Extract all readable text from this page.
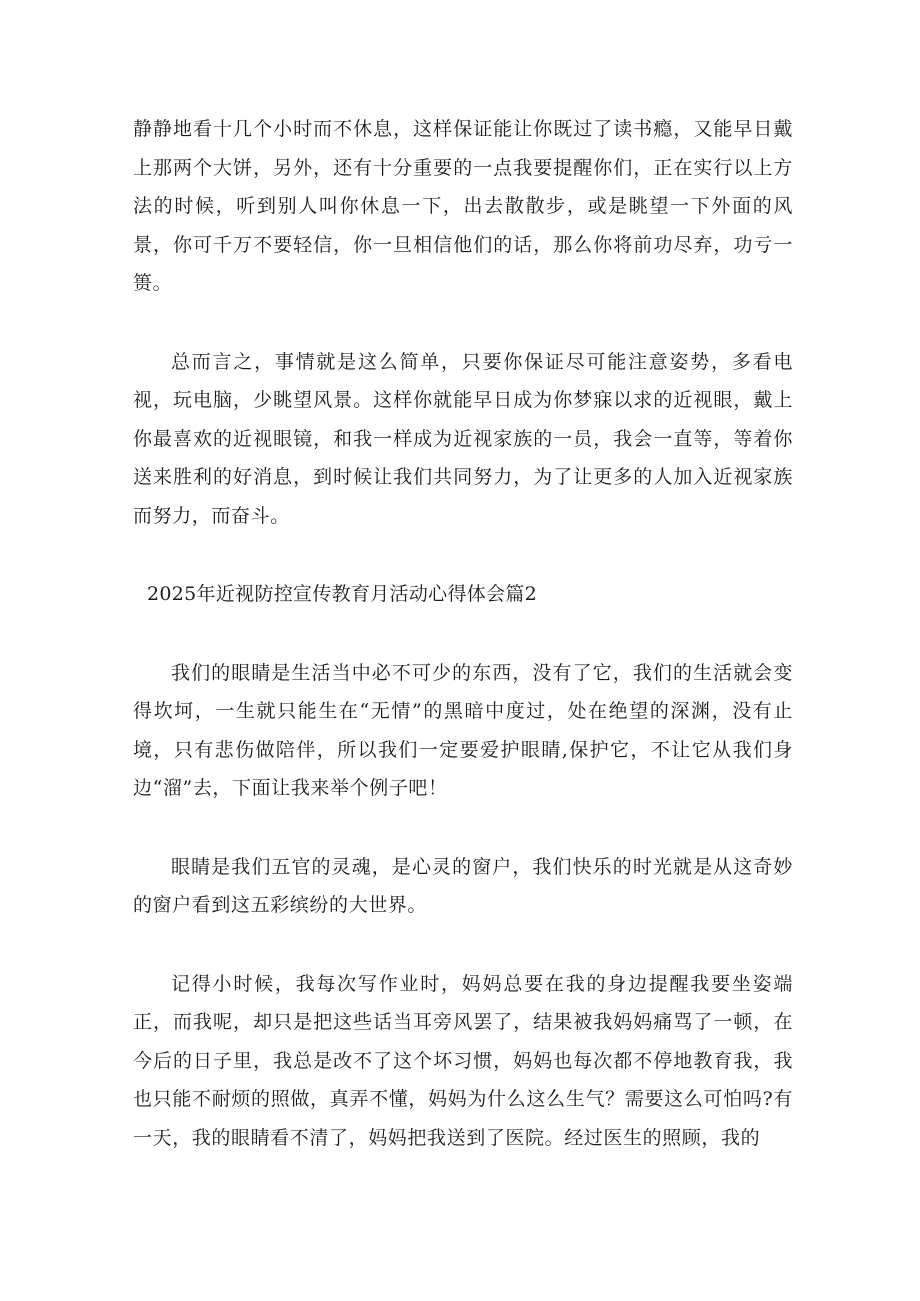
静静地看十几个小时而不休息，这样保证能让你既过了读书瘾，又能早日戴上那两个大饼，另外，还有十分重要的一点我要提醒你们，正在实行以上方法的时候，听到别人叫你休息一下，出去散散步，或是眺望一下外面的风景，你可千万不要轻信，你一旦相信他们的话，那么你将前功尽弃，功亏一篑。

总而言之，事情就是这么简单，只要你保证尽可能注意姿势，多看电视，玩电脑，少眺望风景。这样你就能早日成为你梦寐以求的近视眼，戴上你最喜欢的近视眼镜，和我一样成为近视家族的一员，我会一直等，等着你送来胜利的好消息，到时候让我们共同努力，为了让更多的人加入近视家族而努力，而奋斗。

2025年近视防控宣传教育月活动心得体会篇2

我们的眼睛是生活当中必不可少的东西，没有了它，我们的生活就会变得坎坷，一生就只能生在“无情”的黑暗中度过，处在绝望的深渊，没有止境，只有悲伤做陪伴，所以我们一定要爱护眼睛,保护它，不让它从我们身边“溜”去，下面让我来举个例子吧！

眼睛是我们五官的灵魂，是心灵的窗户，我们快乐的时光就是从这奇妙的窗户看到这五彩缤纷的大世界。

记得小时候，我每次写作业时，妈妈总要在我的身边提醒我要坐姿端正，而我呢，却只是把这些话当耳旁风罢了，结果被我妈妈痛骂了一顿，在今后的日子里，我总是改不了这个坏习惯，妈妈也每次都不停地教育我，我也只能不耐烦的照做，真弄不懂，妈妈为什么这么生气？需要这么可怕吗?有一天，我的眼睛看不清了，妈妈把我送到了医院。经过医生的照顾，我的
